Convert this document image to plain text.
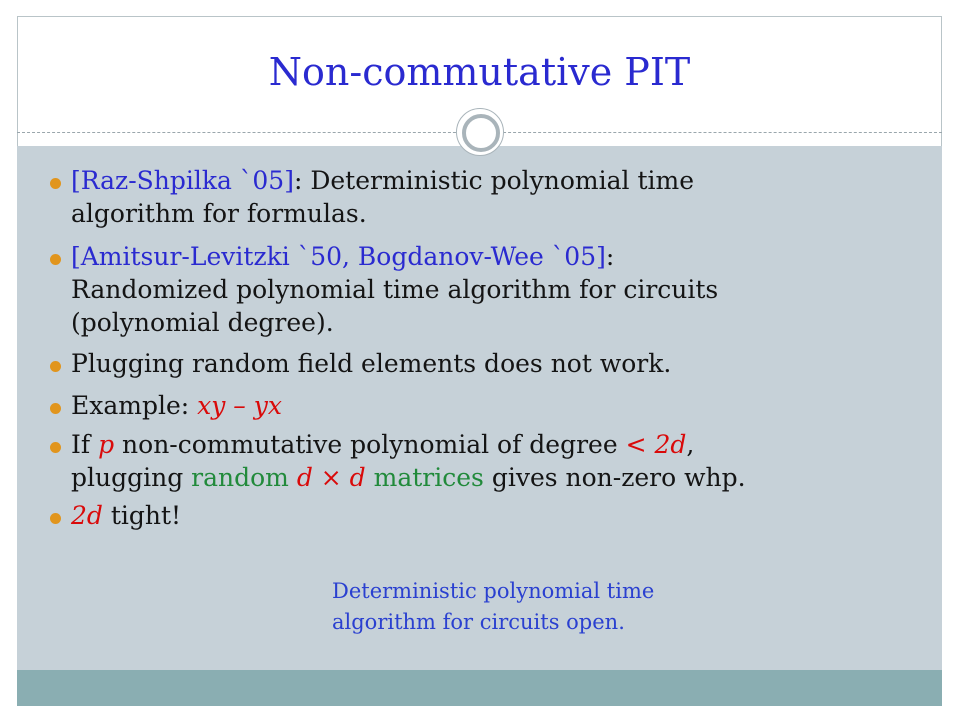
Non-commutative PIT
[Raz-Shpilka `05]: Deterministic polynomial time
algorithm for formulas.
[Amitsur-Levitzki `50, Bogdanov-Wee `05]:
Randomized polynomial time algorithm for circuits
(polynomial degree).
Plugging random field elements does not work.
Example: xy – yx
If p non-commutative polynomial of degree < 2d,
plugging random d × d matrices gives non-zero whp.
2d tight!
Deterministic polynomial time
algorithm for circuits open.
